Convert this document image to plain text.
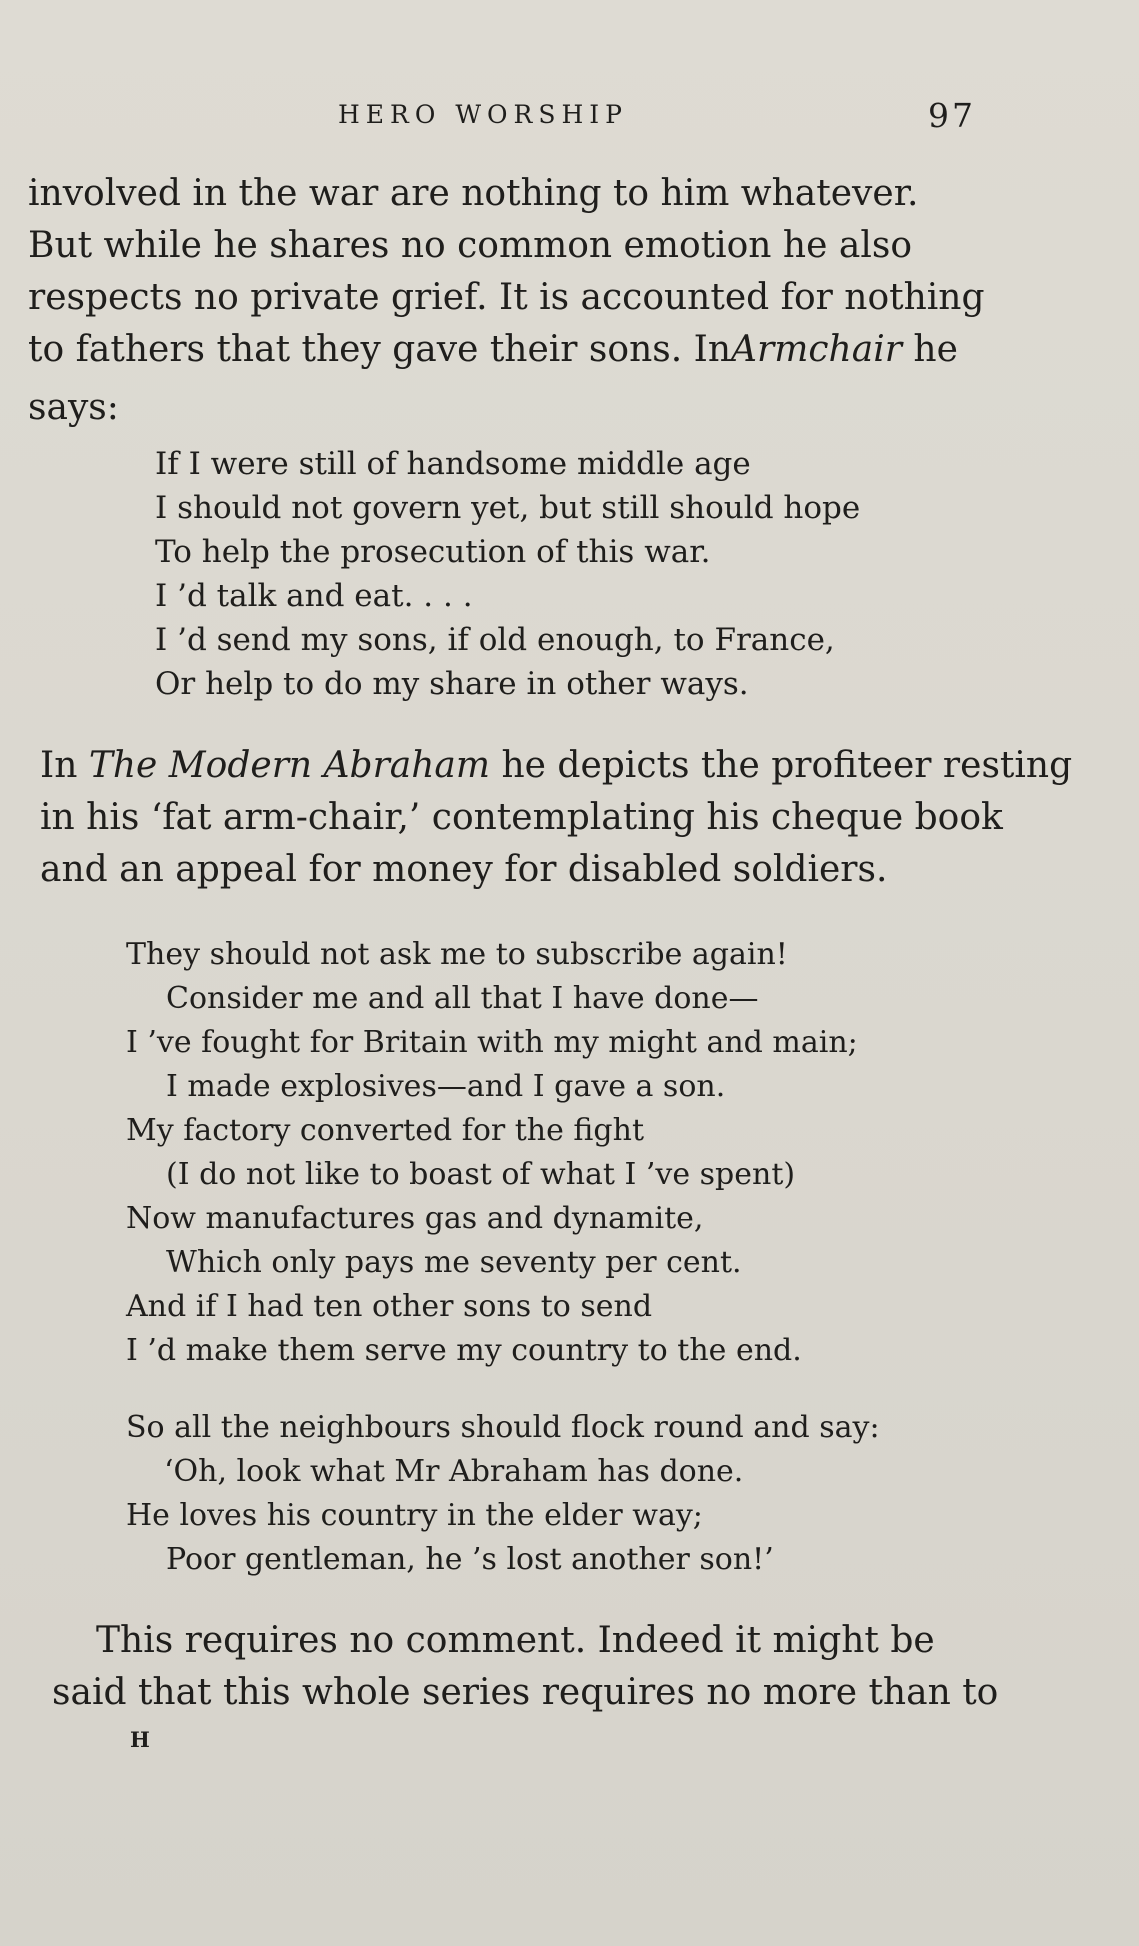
HERO WORSHIP	97
involved in the war are nothing to him whatever.
But while he shares no common emotion he also
respects no private grief. It is accounted for nothing
to fathers that they gave their sons. InArmchair he
says:
If I were still of handsome middle age
I should not govern yet, but still should hope
To help the prosecution of this war.
I ’d talk and eat. . . .
I ’d send my sons, if old enough, to France,
Or help to do my share in other ways.
In The Modern Abraham he depicts the profiteer resting
in his ‘fat arm-chair,’ contemplating his cheque book
and an appeal for money for disabled soldiers.
They should not ask me to subscribe again!
Consider me and all that I have done—
I ’ve fought for Britain with my might and main;
I made explosives—and I gave a son.
My factory converted for the fight
(I do not like to boast of what I ’ve spent)
Now manufactures gas and dynamite,
Which only pays me seventy per cent.
And if I had ten other sons to send
I ’d make them serve my country to the end.
So all the neighbours should flock round and say:
‘Oh, look what Mr Abraham has done.
He loves his country in the elder way;
Poor gentleman, he ’s lost another son!’
This requires no comment. Indeed it might be
said that this whole series requires no more than to
H
